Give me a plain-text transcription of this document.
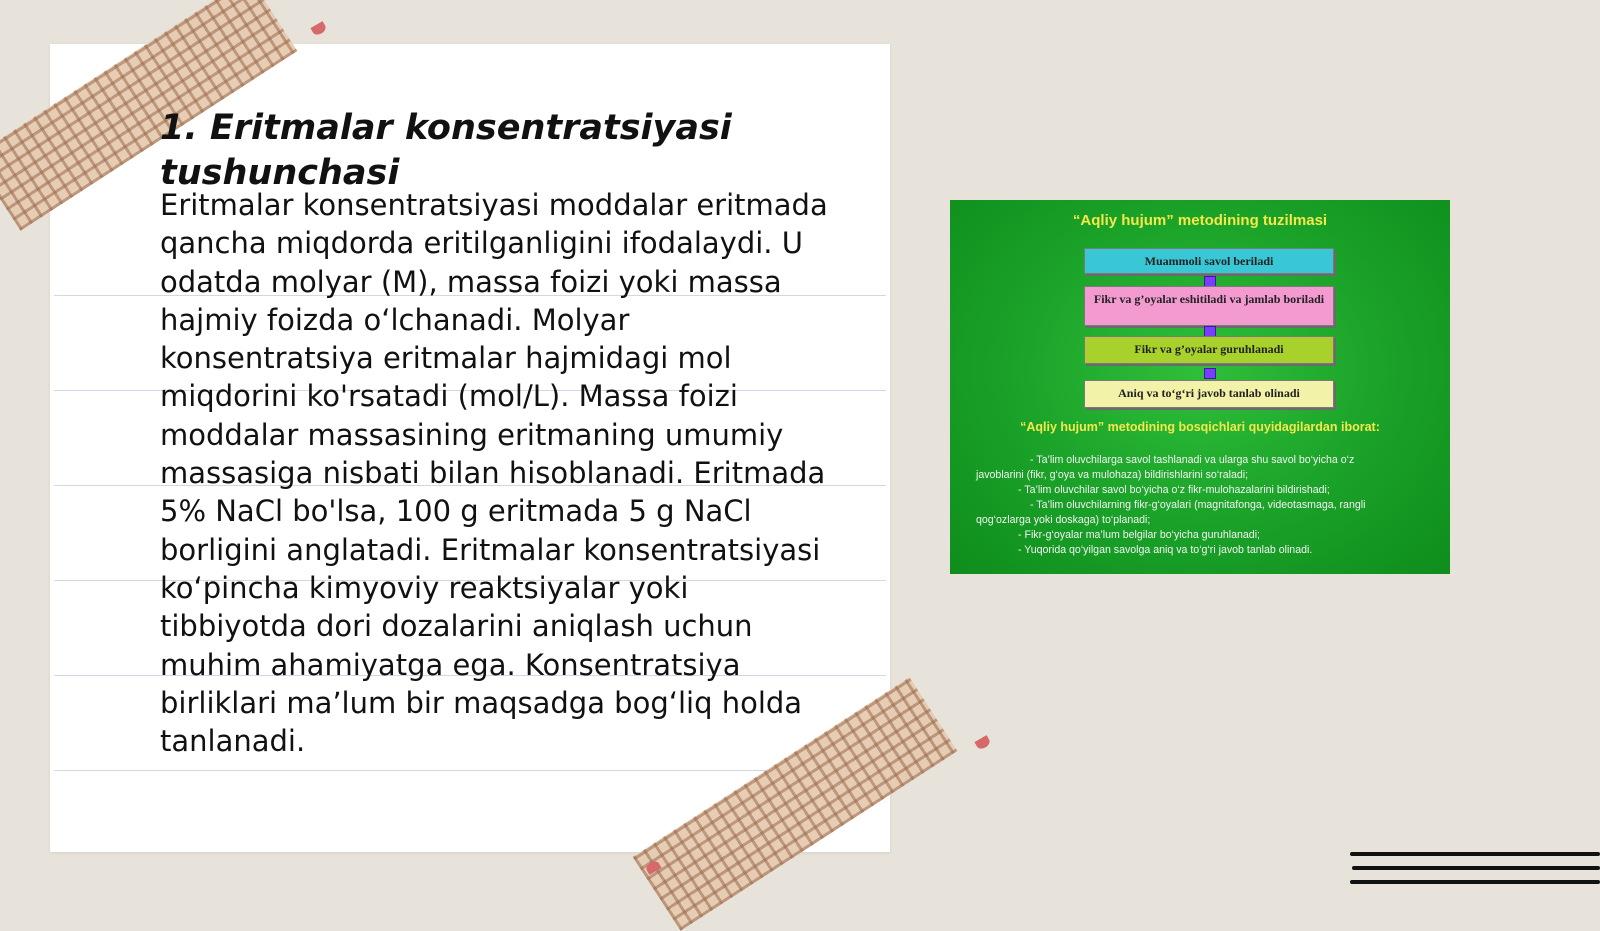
1. Eritmalar konsentratsiyasi tushunchasi

Eritmalar konsentratsiyasi moddalar eritmada qancha miqdorda eritilganligini ifodalaydi. U odatda molyar (M), massa foizi yoki massa hajmiy foizda o‘lchanadi. Molyar konsentratsiya eritmalar hajmidagi mol miqdorini ko'rsatadi (mol/L). Massa foizi moddalar massasining eritmaning umumiy massasiga nisbati bilan hisoblanadi. Eritmada 5% NaCl bo'lsa, 100 g eritmada 5 g NaCl borligini anglatadi. Eritmalar konsentratsiyasi ko‘pincha kimyoviy reaktsiyalar yoki tibbiyotda dori dozalarini aniqlash uchun muhim ahamiyatga ega. Konsentratsiya birliklari ma’lum bir maqsadga bog‘liq holda tanlanadi.

“Aqliy hujum” metodining tuzilmasi
Muammoli savol beriladi
Fikr va g’oyalar eshitiladi va jamlab boriladi
Fikr va g’oyalar guruhlanadi
Aniq va to‘g‘ri javob tanlab olinadi
“Aqliy hujum” metodining bosqichlari quyidagilardan iborat:
- Ta’lim oluvchilarga savol tashlanadi va ularga shu savol bo‘yicha o‘z
javoblarini (fikr, g‘oya va mulohaza) bildirishlarini so‘raladi;
- Ta’lim oluvchilar savol bo‘yicha o‘z fikr-mulohazalarini bildirishadi;
- Ta’lim oluvchilarning fikr-g‘oyalari (magnitafonga, videotasmaga, rangli
qog‘ozlarga yoki doskaga) to‘planadi;
- Fikr-g‘oyalar ma’lum belgilar bo‘yicha guruhlanadi;
- Yuqorida qo‘yilgan savolga aniq va to‘g‘ri javob tanlab olinadi.
